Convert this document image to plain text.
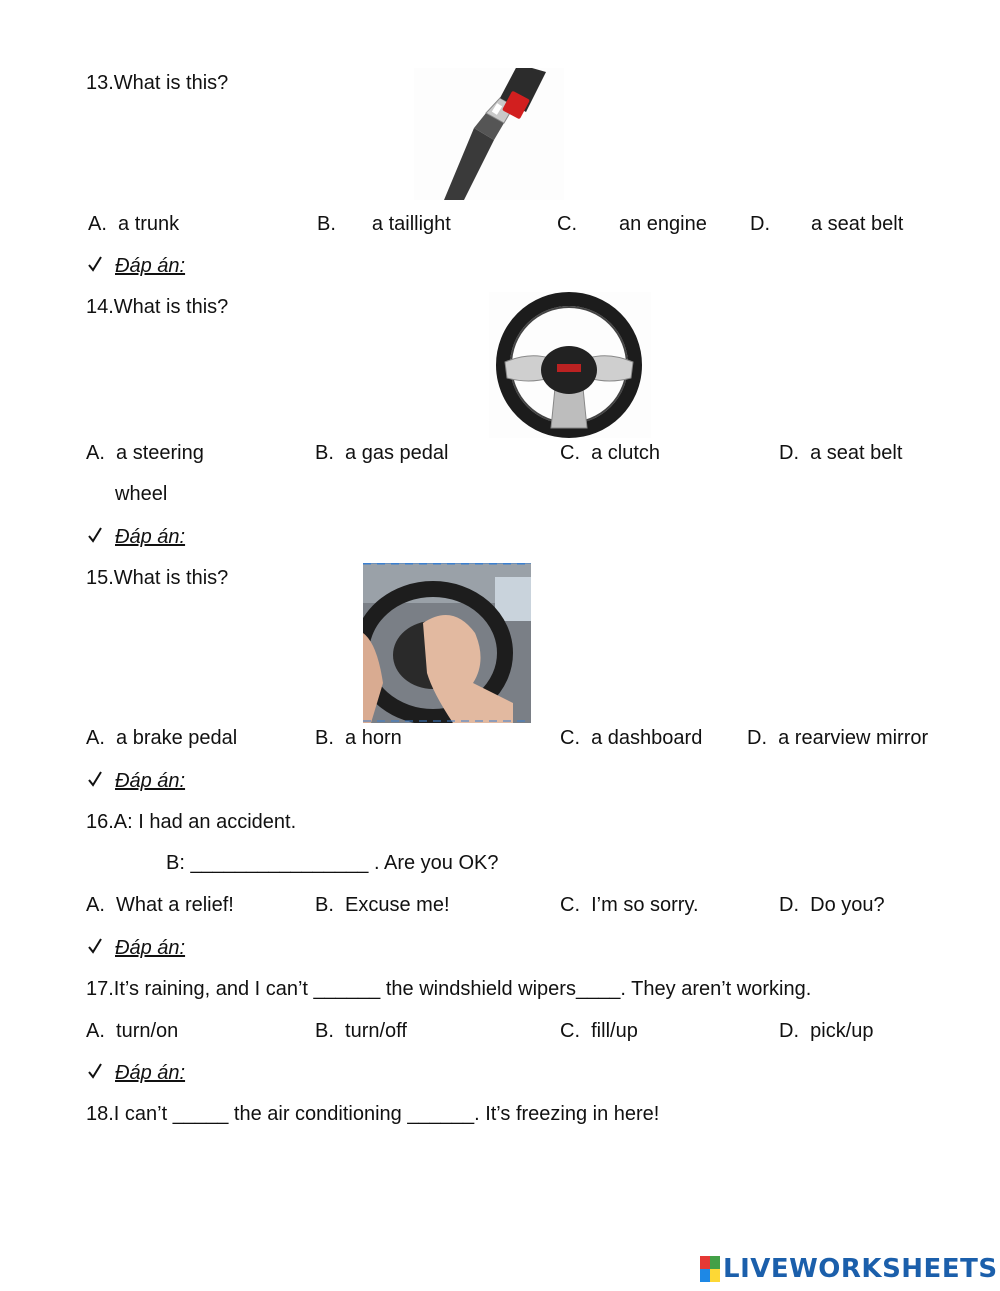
13.What is this?
A. a trunk	B. a taillight	C. an engine D. a seat belt
Đáp án:
14.What is this?
A. a steering
wheel
B. a gas pedal	C. a clutch	D. a seat belt
Đáp án:
15.What is this?
A. a brake pedal	B. a horn	C. a dashboard D. a rearview mirror
Đáp án:
16.A: I had an accident.
B: ________________ . Are you OK?
A. What a relief!	B. Excuse me!	C. I’m so sorry.	D. Do you?
Đáp án:
17.It’s raining, and I can’t ______ the windshield wipers____. They aren’t working.
A. turn/on	B. turn/off	C. fill/up	D. pick/up
Đáp án:
18.I can’t _____ the air conditioning ______. It’s freezing in here!
LIVEWORKSHEETS
